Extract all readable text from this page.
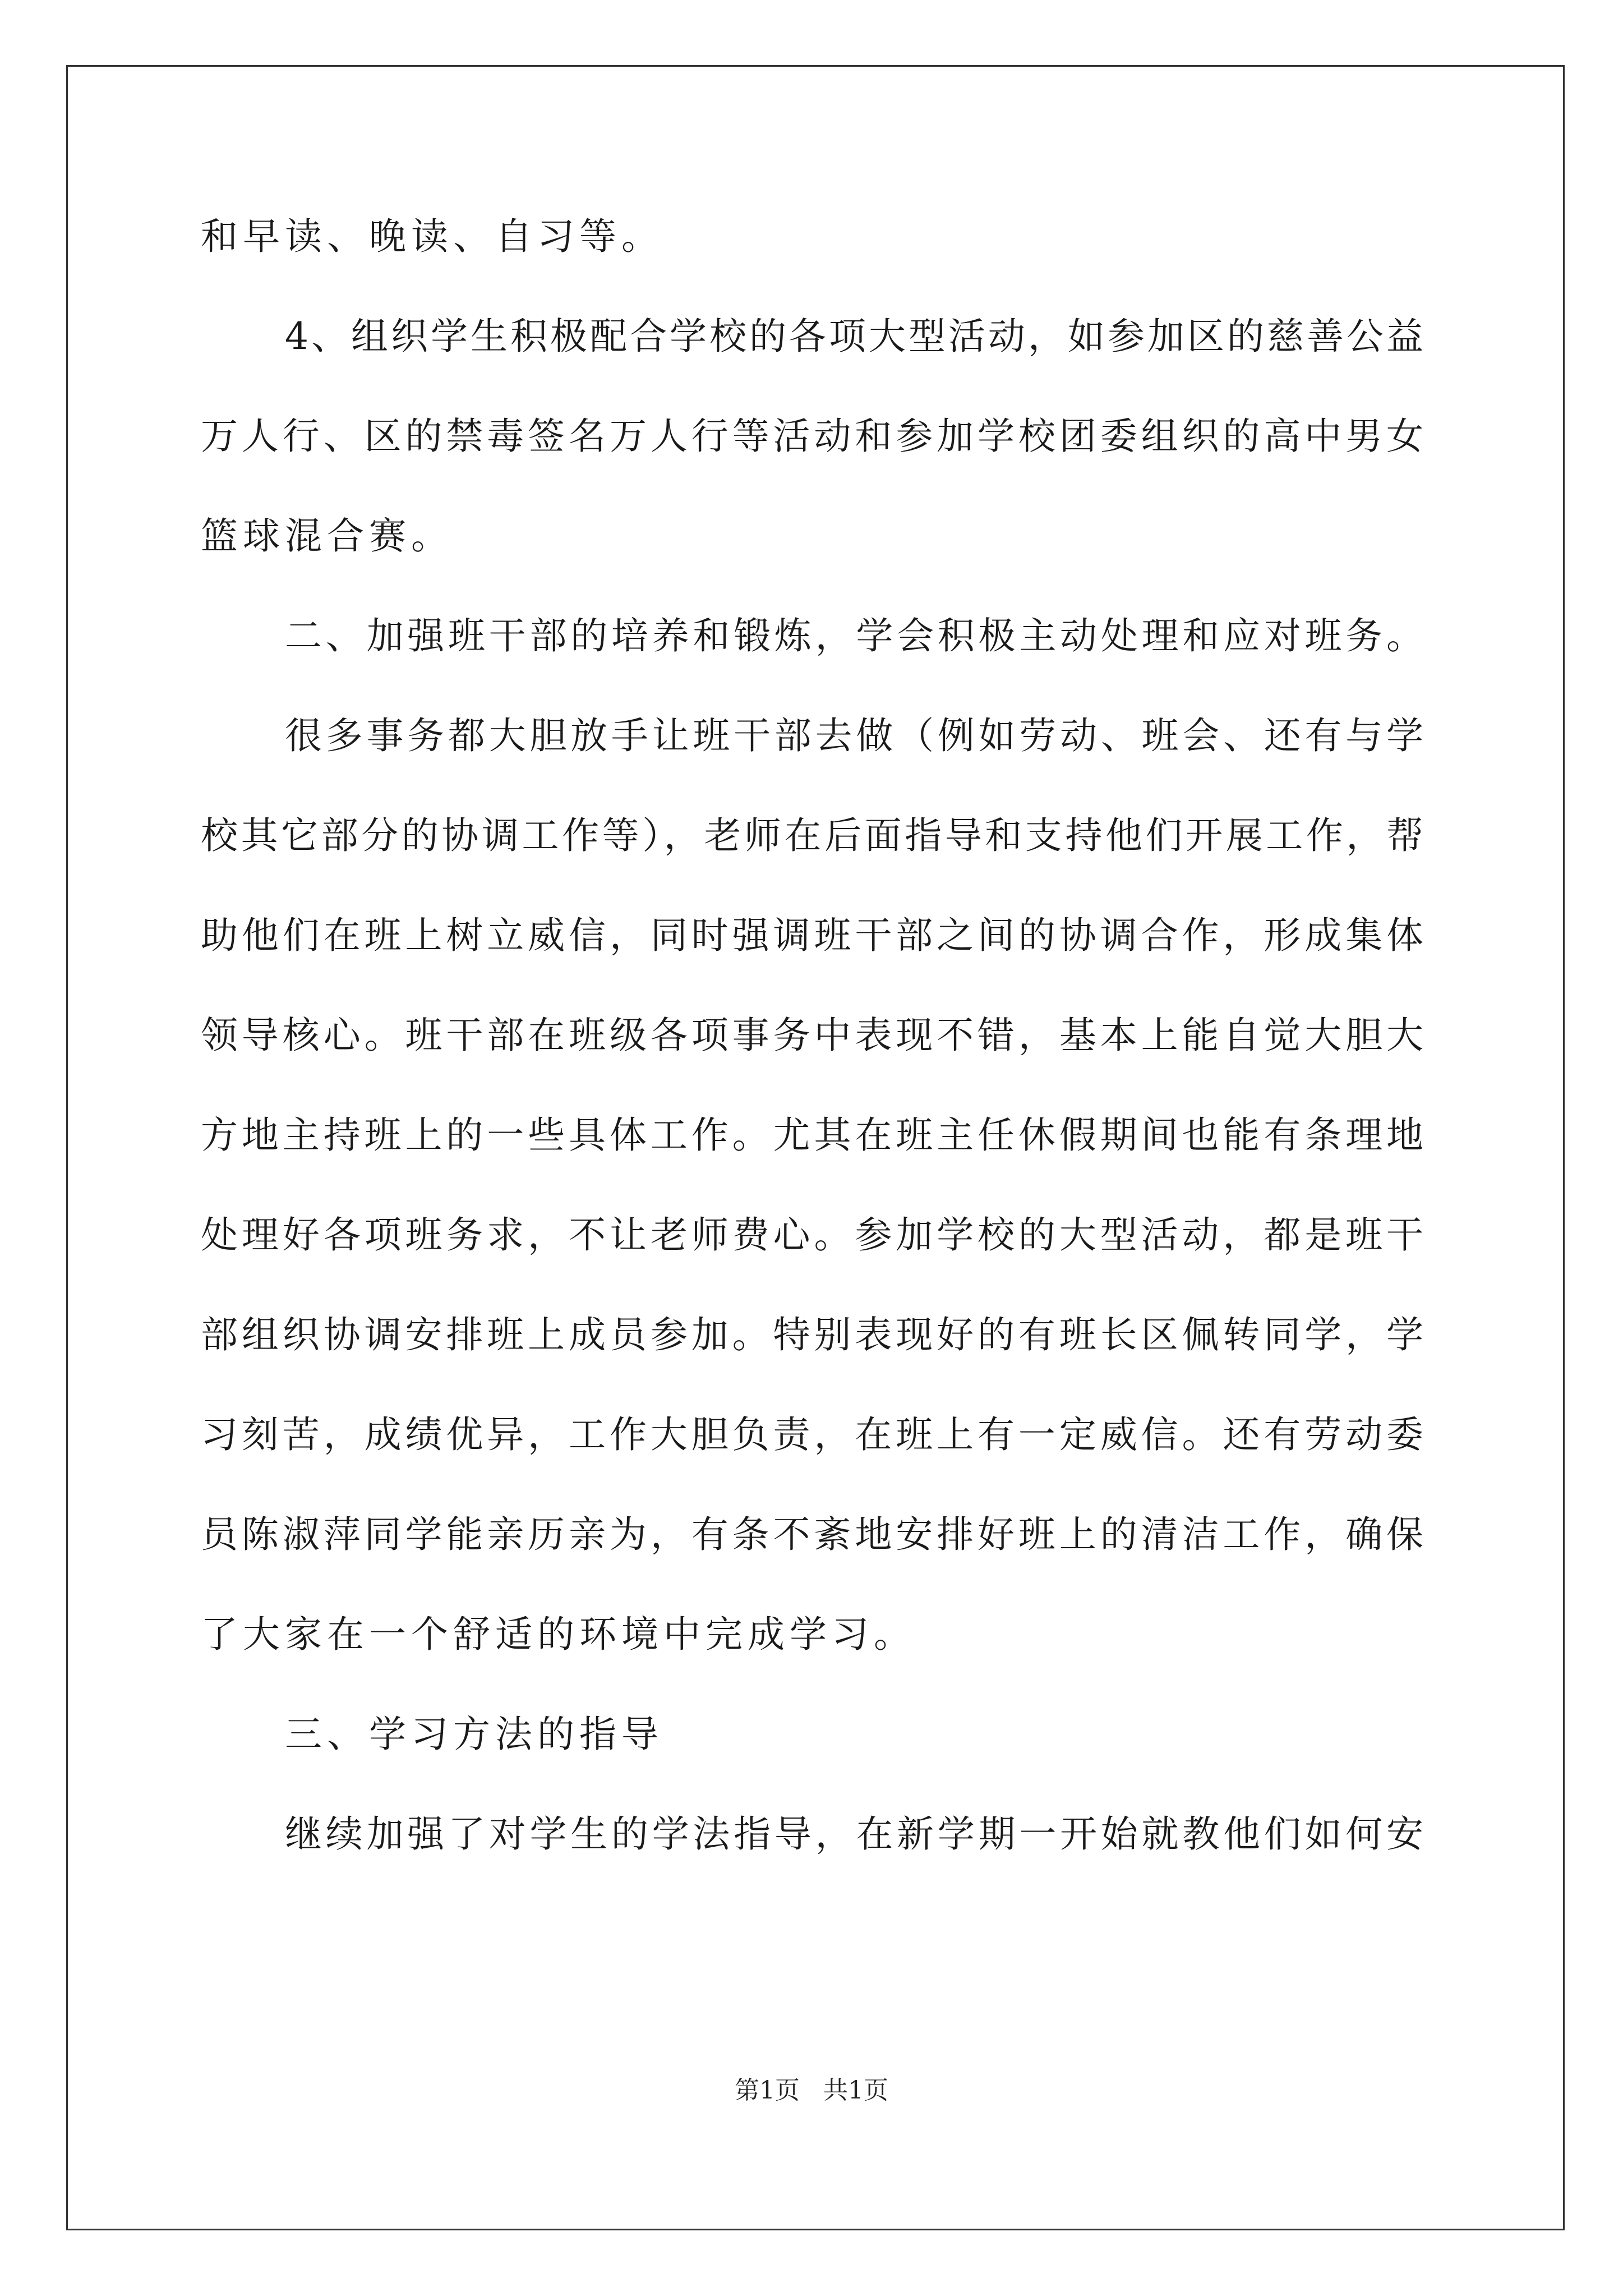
和早读、晚读、自习等。
4、组织学生积极配合学校的各项大型活动，如参加区的慈善公益
万人行、区的禁毒签名万人行等活动和参加学校团委组织的高中男女
篮球混合赛。
二、加强班干部的培养和锻炼，学会积极主动处理和应对班务。
很多事务都大胆放手让班干部去做（例如劳动、班会、还有与学
校其它部分的协调工作等），老师在后面指导和支持他们开展工作，帮
助他们在班上树立威信，同时强调班干部之间的协调合作，形成集体
领导核心。班干部在班级各项事务中表现不错，基本上能自觉大胆大
方地主持班上的一些具体工作。尤其在班主任休假期间也能有条理地
处理好各项班务求，不让老师费心。参加学校的大型活动，都是班干
部组织协调安排班上成员参加。特别表现好的有班长区佩转同学，学
习刻苦，成绩优异，工作大胆负责，在班上有一定威信。还有劳动委
员陈淑萍同学能亲历亲为，有条不紊地安排好班上的清洁工作，确保
了大家在一个舒适的环境中完成学习。
三、学习方法的指导
继续加强了对学生的学法指导，在新学期一开始就教他们如何安
第1页 共1页
